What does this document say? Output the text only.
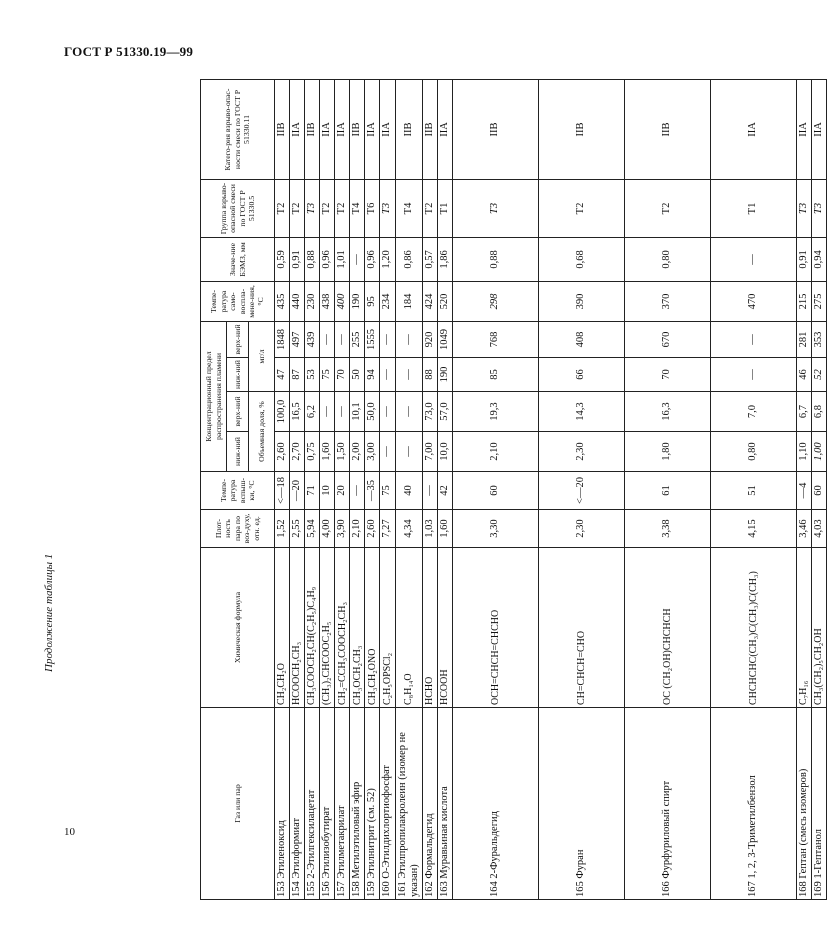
ГОСТ Р 51330.19—99
Продолжение таблицы 1
10
Газ или пар	Химическая формула	Плот-ность пара по воз-духу, отн. ед.	Темпе-ратура вспыш-ки, °С	Концентрационный предел распространения пламени				Темпе-ратура само-воспла-мене-ния, °С	Значе-ние БЭМЗ, мм	Группа взрыво-опасной смеси по ГОСТ Р 51330.5	Катего-рия взрыво-опас-ности смеси по ГОСТ Р 51330.11
				ниж-ний	верх-ний	ниж-ний	верх-ний				
				Объемная доля, %		мг/л					
153 Этиленоксид	CH₂CH₂O	1,52	<—18	2,60	100,0	47	1848	435	0,59	Т2	IIB
154 Этилформиат	HCOOCH₂CH₃	2,55	—20	2,70	16,5	87	497	440	0,91	Т2	IIA
155 2-Этилгексилацетат	CH₃COOCH₂CH(C₂H₅)C₄H₉	5,94	71	0,75	6,2	53	439	230	0,88	Т3	IIB
156 Этилизобутират	(CH₃)₂CHCOOC₂H₅	4,00	10	1,60	—	75	—	438	0,96	Т2	IIA
157 Этилметакрилат	CH₂=CCH₃COOCH₂CH₃	3,90	20	1,50	—	70	—	400	1,01	Т2	IIA
158 Метилэтиловый эфир	CH₃OCH₂CH₃	2,10	—	2,00	10,1	50	255	190	—	Т4	IIB
159 Этилнитрит (см. 52)	CH₃CH₂ONO	2,60	—35	3,00	50,0	94	1555	95	0,96	Т6	IIA
160 О-Этилдихлортиофосфат	C₂H₅OPSCl₂	7,27	75	—	—	—	—	234	1,20	Т3	IIA
161 Этилпропилакролеин (изомер не указан)	C₈H₁₄O	4,34	40	—	—	—	—	184	0,86	Т4	IIB
162 Формальдегид	HCHO	1,03	—	7,00	73,0	88	920	424	0,57	Т2	IIB
163 Муравьиная кислота	HCOOH	1,60	42	10,0	57,0	190	1049	520	1,86	Т1	IIA
164 2-Фуральдегид	OCH=CHCH=CHCHO	3,30	60	2,10	19,3	85	768	298	0,88	Т3	IIB
165 Фуран	CH=CHCH=CHO	2,30	<—20	2,30	14,3	66	408	390	0,68	Т2	IIB
166 Фурфуриловый спирт	OC (CH₂OH)CHCHCH	3,38	61	1,80	16,3	70	670	370	0,80	Т2	IIB
167 1, 2, 3-Триметилбензол	CHCHCHC(CH₃)C(CH₃)C(CH₃)	4,15	51	0,80	7,0	—	—	470	—	Т1	IIA
168 Гептан (смесь изомеров)	C₇H₁₆	3,46	—4	1,10	6,7	46	281	215	0,91	Т3	IIA
169 1-Гептанол	CH₃(CH₂)₅CH₂OH	4,03	60	1,00	6,8	52	353	275	0,94	Т3	IIA
